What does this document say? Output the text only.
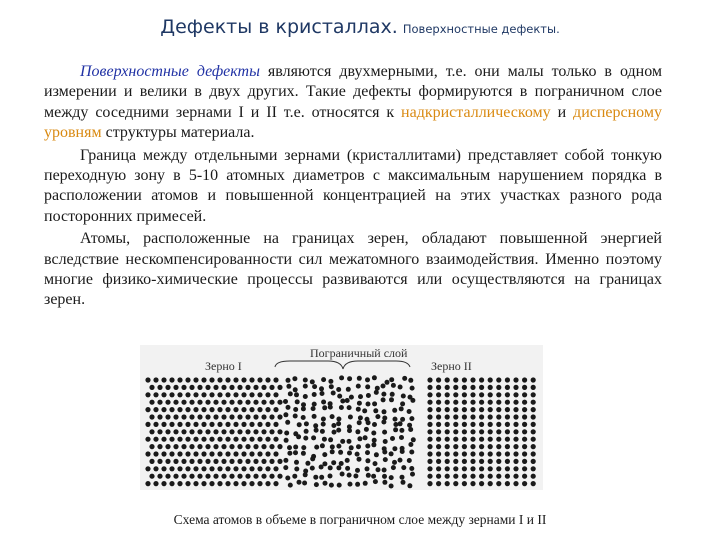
Дефекты в кристаллах. Поверхностные дефекты.

Поверхностные дефекты являются двухмерными, т.е. они малы только в одном измерении и велики в двух других. Такие дефекты формируются в пограничном слое между соседними зернами I и II т.е. относятся к надкристаллическому и дисперсному уровням структуры материала.

Граница между отдельными зернами (кристаллитами) представляет собой тонкую переходную зону в 5-10 атомных диаметров с максимальным нарушением порядка в расположении атомов и повышенной концентрацией на этих участках разного рода посторонних примесей.

Атомы, расположенные на границах зерен, обладают повышенной энергией вследствие нескомпенсированности сил межатомного взаимодействия. Именно поэтому многие физико-химические процессы развиваются или осуществляются на границах зерен.

Зерно I
Пограничный слой
Зерно II
Схема атомов в объеме в пограничном слое между зернами I и II
